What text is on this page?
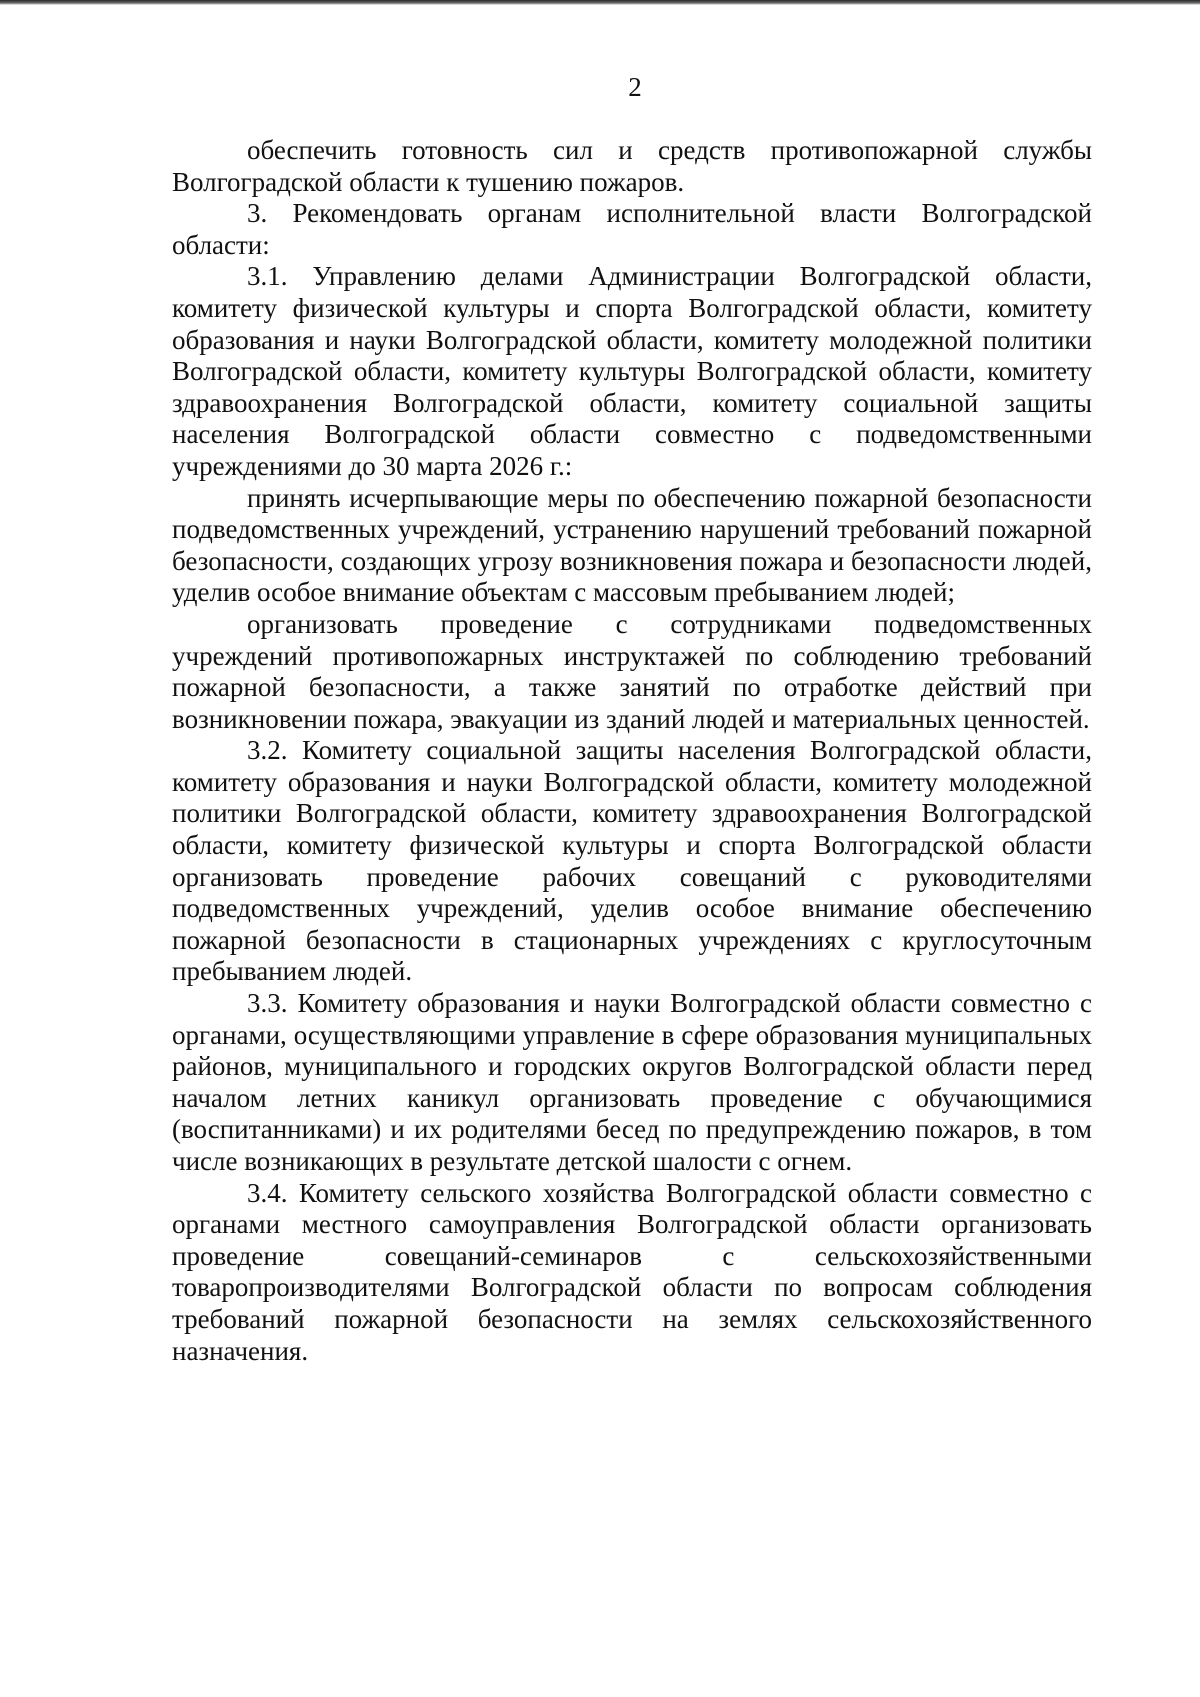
2

обеспечить готовность сил и средств противопожарной службы Волгоградской области к тушению пожаров.

3. Рекомендовать органам исполнительной власти Волгоградской области:

3.1. Управлению делами Администрации Волгоградской области, комитету физической культуры и спорта Волгоградской области, комитету образования и науки Волгоградской области, комитету молодежной политики Волгоградской области, комитету культуры Волгоградской области, комитету здравоохранения Волгоградской области, комитету социальной защиты населения Волгоградской области совместно с подведомственными учреждениями до 30 марта 2026 г.:

принять исчерпывающие меры по обеспечению пожарной безопасности подведомственных учреждений, устранению нарушений требований пожарной безопасности, создающих угрозу возникновения пожара и безопасности людей, уделив особое внимание объектам с массовым пребыванием людей;

организовать проведение с сотрудниками подведомственных учреждений противопожарных инструктажей по соблюдению требований пожарной безопасности, а также занятий по отработке действий при возникновении пожара, эвакуации из зданий людей и материальных ценностей.

3.2. Комитету социальной защиты населения Волгоградской области, комитету образования и науки Волгоградской области, комитету молодежной политики Волгоградской области, комитету здравоохранения Волгоградской области, комитету физической культуры и спорта Волгоградской области организовать проведение рабочих совещаний с руководителями подведомственных учреждений, уделив особое внимание обеспечению пожарной безопасности в стационарных учреждениях с круглосуточным пребыванием людей.

3.3. Комитету образования и науки Волгоградской области совместно с органами, осуществляющими управление в сфере образования муниципальных районов, муниципального и городских округов Волгоградской области перед началом летних каникул организовать проведение с обучающимися (воспитанниками) и их родителями бесед по предупреждению пожаров, в том числе возникающих в результате детской шалости с огнем.

3.4. Комитету сельского хозяйства Волгоградской области совместно с органами местного самоуправления Волгоградской области организовать проведение совещаний-семинаров с сельскохозяйственными товаропроизводителями Волгоградской области по вопросам соблюдения требований пожарной безопасности на землях сельскохозяйственного назначения.
